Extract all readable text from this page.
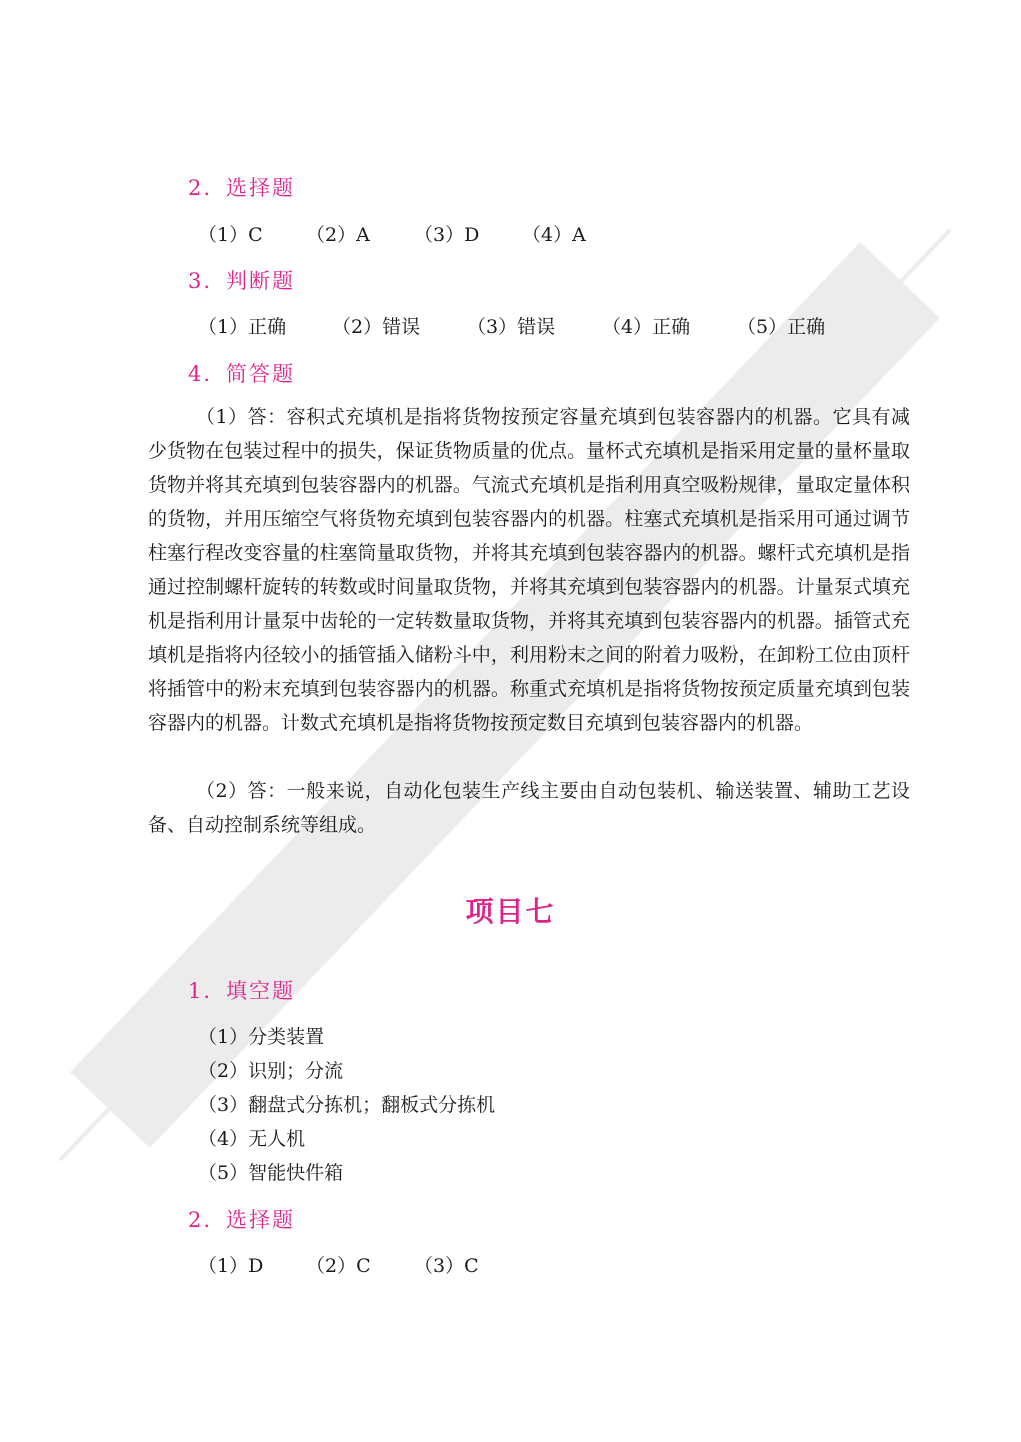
2. 选择题
（1）C （2）A （3）D （4）A
3. 判断题
（1）正确 （2）错误 （3）错误 （4）正确 （5）正确
4. 简答题

（1）答：容积式充填机是指将货物按预定容量充填到包装容器内的机器。它具有减少货物在包装过程中的损失，保证货物质量的优点。量杯式充填机是指采用定量的量杯量取货物并将其充填到包装容器内的机器。气流式充填机是指利用真空吸粉规律，量取定量体积的货物，并用压缩空气将货物充填到包装容器内的机器。柱塞式充填机是指采用可通过调节柱塞行程改变容量的柱塞筒量取货物，并将其充填到包装容器内的机器。螺杆式充填机是指通过控制螺杆旋转的转数或时间量取货物，并将其充填到包装容器内的机器。计量泵式填充机是指利用计量泵中齿轮的一定转数量取货物，并将其充填到包装容器内的机器。插管式充填机是指将内径较小的插管插入储粉斗中，利用粉末之间的附着力吸粉，在卸粉工位由顶杆将插管中的粉末充填到包装容器内的机器。称重式充填机是指将货物按预定质量充填到包装容器内的机器。计数式充填机是指将货物按预定数目充填到包装容器内的机器。

（2）答：一般来说，自动化包装生产线主要由自动包装机、输送装置、辅助工艺设备、自动控制系统等组成。

项目七
1. 填空题
（1）分类装置
（2）识别；分流
（3）翻盘式分拣机；翻板式分拣机
（4）无人机
（5）智能快件箱
2. 选择题
（1）D （2）C （3）C
